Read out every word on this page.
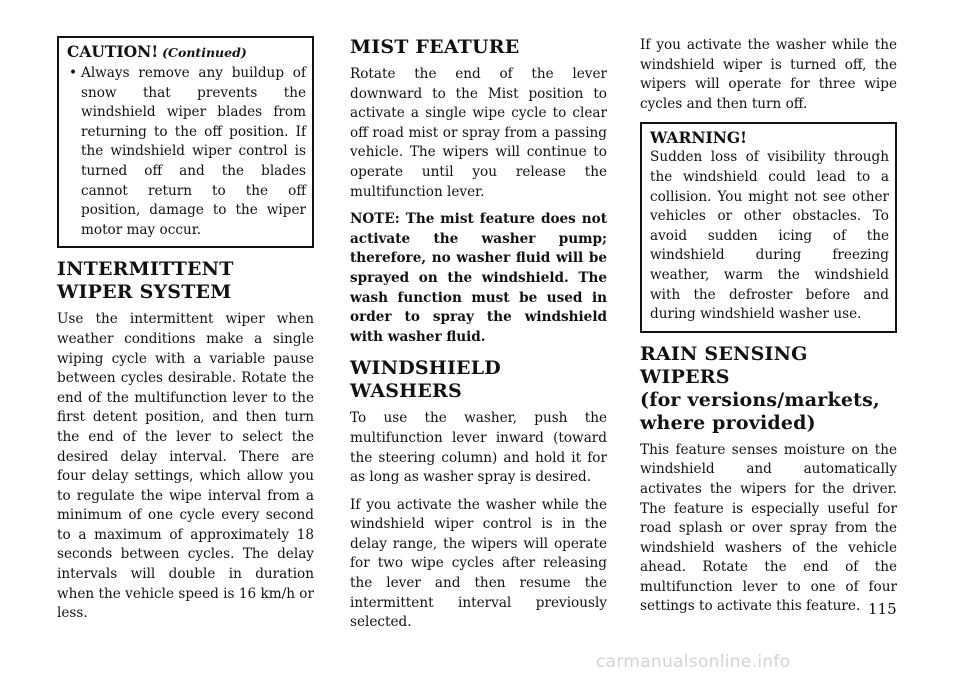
CAUTION! (Continued)
• Always remove any buildup of snow that prevents the windshield wiper blades from returning to the off position. If the windshield wiper control is turned off and the blades cannot return to the off position, damage to the wiper motor may occur.
INTERMITTENT WIPER SYSTEM

Use the intermittent wiper when weather conditions make a single wiping cycle with a variable pause between cycles desirable. Rotate the end of the multifunction lever to the first detent position, and then turn the end of the lever to select the desired delay interval. There are four delay settings, which allow you to regulate the wipe interval from a minimum of one cycle every second to a maximum of approximately 18 seconds between cycles. The delay intervals will double in duration when the vehicle speed is 16 km/h or less.

MIST FEATURE

Rotate the end of the lever downward to the Mist position to activate a single wipe cycle to clear off road mist or spray from a passing vehicle. The wipers will continue to operate until you release the multifunction lever.

NOTE: The mist feature does not activate the washer pump; therefore, no washer fluid will be sprayed on the windshield. The wash function must be used in order to spray the windshield with washer fluid.

WINDSHIELD WASHERS

To use the washer, push the multifunction lever inward (toward the steering column) and hold it for as long as washer spray is desired.

If you activate the washer while the windshield wiper control is in the delay range, the wipers will operate for two wipe cycles after releasing the lever and then resume the intermittent interval previously selected.

If you activate the washer while the windshield wiper is turned off, the wipers will operate for three wipe cycles and then turn off.

WARNING!
Sudden loss of visibility through the windshield could lead to a collision. You might not see other vehicles or other obstacles. To avoid sudden icing of the windshield during freezing weather, warm the windshield with the defroster before and during windshield washer use.
RAIN SENSING WIPERS
(for versions/markets, where provided)

This feature senses moisture on the windshield and automatically activates the wipers for the driver. The feature is especially useful for road splash or over spray from the windshield washers of the vehicle ahead. Rotate the end of the multifunction lever to one of four settings to activate this feature. 115
carmanualsonline.info
